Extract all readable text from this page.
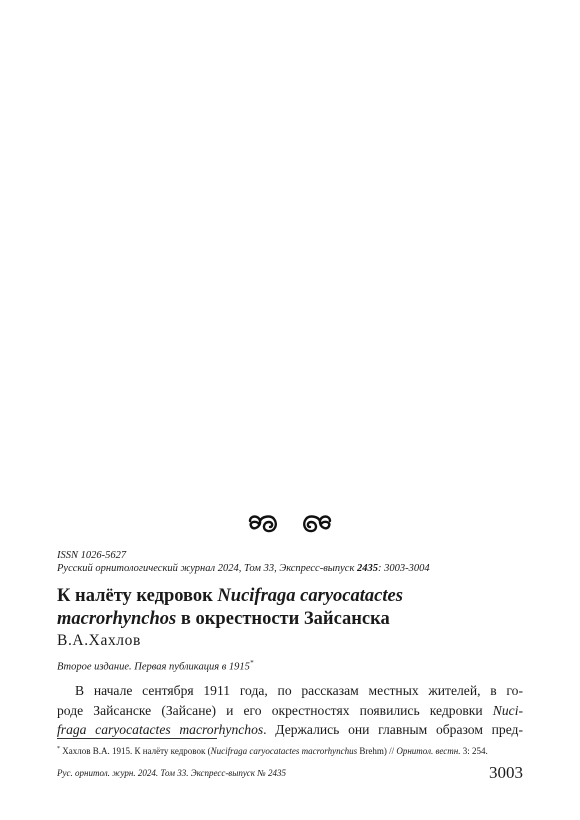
ISSN 1026-5627
Русский орнитологический журнал 2024, Том 33, Экспресс-выпуск 2435: 3003-3004
К налёту кедровок Nucifraga caryocatactes
macrorhynchos в окрестности Зайсанска
В.А.Хахлов
Второе издание. Первая публикация в 1915*
В начале сентября 1911 года, по рассказам местных жителей, в го-
роде Зайсанске (Зайсане) и его окрестностях появились кедровки Nuci-
fraga caryocatactes macrorhynchos. Держались они главным образом пред-
* Хахлов В.А. 1915. К налёту кедровок (Nucifraga caryocatactes macrorhynchus Brehm) // Орнитол. вестн. 3: 254.
Рус. орнитол. журн. 2024. Том 33. Экспресс-выпуск № 2435	3003
